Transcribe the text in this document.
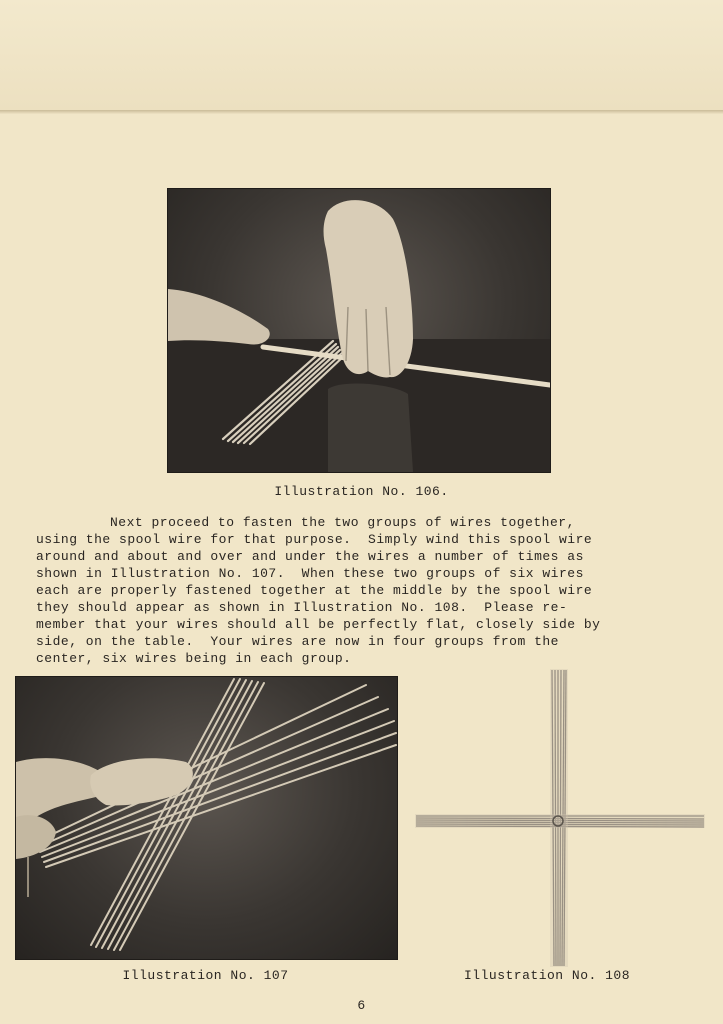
Illustration No. 106.
Next proceed to fasten the two groups of wires together,
using the spool wire for that purpose.  Simply wind this spool wire
around and about and over and under the wires a number of times as
shown in Illustration No. 107.  When these two groups of six wires
each are properly fastened together at the middle by the spool wire
they should appear as shown in Illustration No. 108.  Please re-
member that your wires should all be perfectly flat, closely side by
side, on the table.  Your wires are now in four groups from the
center, six wires being in each group.
Illustration No. 107	Illustration No. 108
6
